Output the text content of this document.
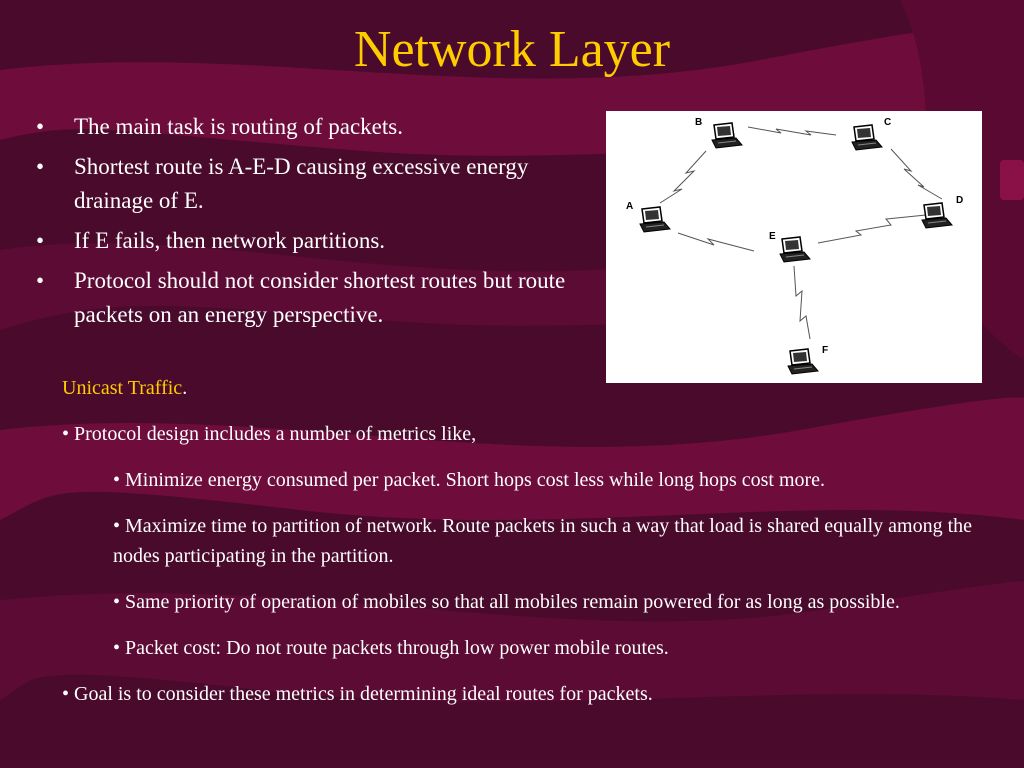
Network Layer
• The main task is routing of packets.
• Shortest route is A-E-D causing excessive energy drainage of E.
• If E fails, then network partitions.
• Protocol should not consider shortest routes but route packets on an energy perspective.
B	C
A
D
E
F

Unicast Traffic.

• Protocol design includes a number of metrics like,

• Minimize energy consumed per packet. Short hops cost less while long hops cost more.

• Maximize time to partition of network. Route packets in such a way that load is shared equally among the nodes participating in the partition.

• Same priority of operation of mobiles so that all mobiles remain powered for as long as possible.

• Packet cost: Do not route packets through low power mobile routes.

• Goal is to consider these metrics in determining ideal routes for packets.
